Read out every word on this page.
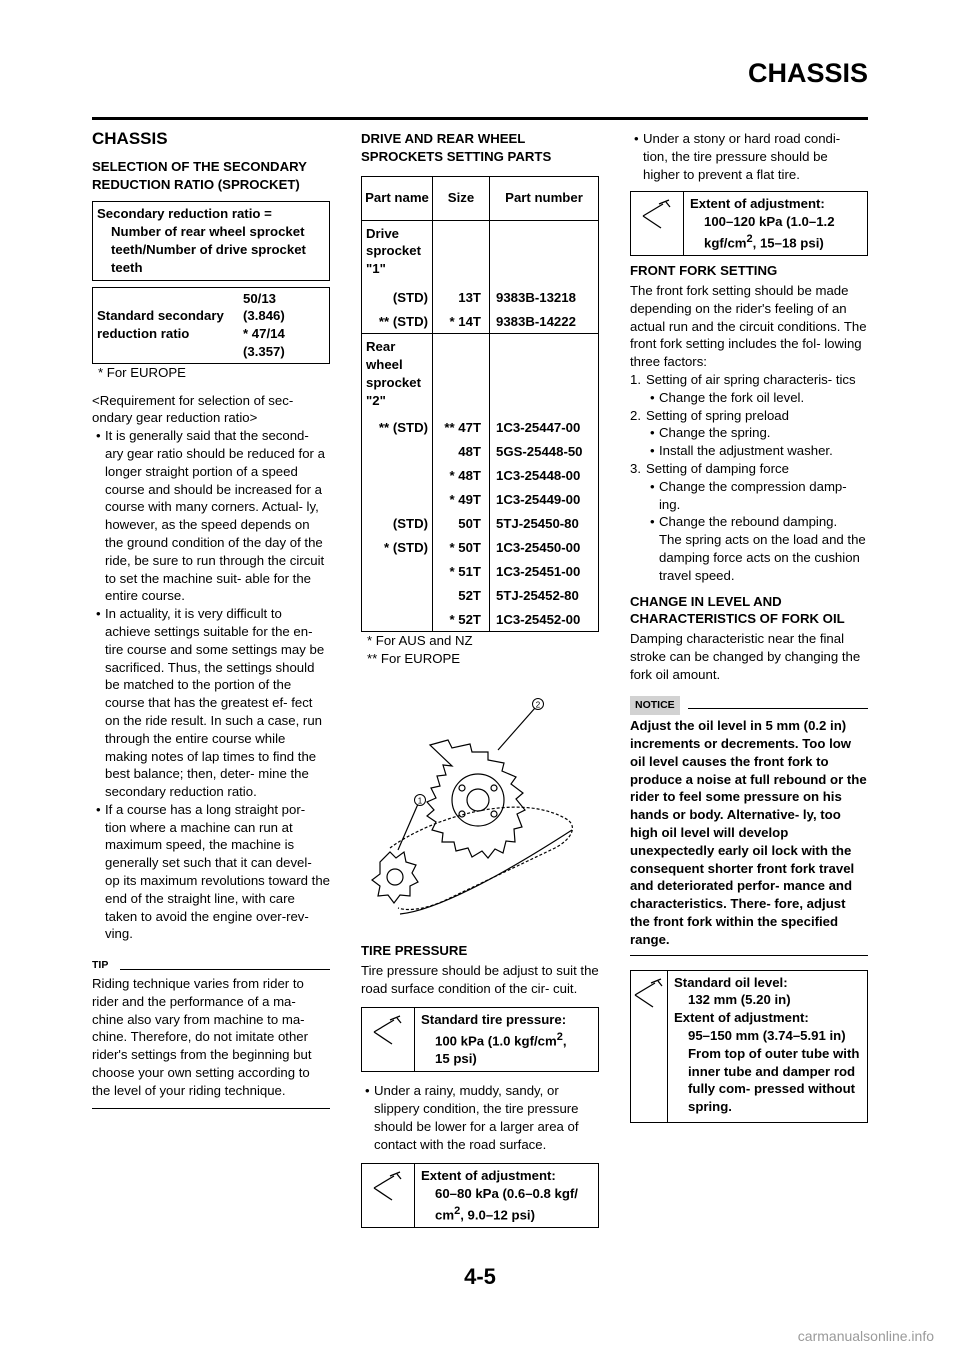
CHASSIS
CHASSIS
SELECTION OF THE SECONDARY
REDUCTION RATIO (SPROCKET)
Secondary reduction ratio =
Number of rear wheel sprocket
teeth/Number of drive sprocket
teeth
Standard secondary
reduction ratio

50/13
(3.846)
* 47/14
(3.357)

* For EUROPE

<Requirement for selection of sec-
ondary gear reduction ratio>

• It is generally said that the second- ary gear ratio should be reduced for a longer straight portion of a speed course and should be increased for a course with many corners. Actual- ly, however, as the speed depends on the ground condition of the day of the ride, be sure to run through the circuit to set the machine suit- able for the entire course.

• In actuality, it is very difficult to achieve settings suitable for the en- tire course and some settings may be sacrificed. Thus, the settings should be matched to the portion of the course that has the greatest ef- fect on the ride result. In such a case, run through the entire course while making notes of lap times to find the best balance; then, deter- mine the secondary reduction ratio.

• If a course has a long straight por- tion where a machine can run at maximum speed, the machine is generally set such that it can devel- op its maximum revolutions toward the end of the straight line, with care taken to avoid the engine over-rev- ving.

TIP

Riding technique varies from rider to rider and the performance of a ma- chine also vary from machine to ma- chine. Therefore, do not imitate other rider's settings from the beginning but choose your own setting according to the level of your riding technique.

DRIVE AND REAR WHEEL
SPROCKETS SETTING PARTS
Part name	Size	Part number
Drive sprocket "1"		
(STD)	13T	9383B-13218
** (STD)	* 14T	9383B-14222
Rear wheel sprocket "2"		
** (STD)	** 47T	1C3-25447-00
	48T	5GS-25448-50
	* 48T	1C3-25448-00
	* 49T	1C3-25449-00
(STD)	50T	5TJ-25450-80
* (STD)	* 50T	1C3-25450-00
	* 51T	1C3-25451-00
	52T	5TJ-25452-80
	* 52T	1C3-25452-00

* For AUS and NZ

** For EUROPE

2
1
TIRE PRESSURE

Tire pressure should be adjust to suit the road surface condition of the cir- cuit.

Standard tire pressure:
100 kPa (1.0 kgf/$cm^2$,
15 psi)

• Under a rainy, muddy, sandy, or slippery condition, the tire pressure should be lower for a larger area of contact with the road surface.

Extent of adjustment:
60–80 kPa (0.6–0.8 kgf/
$cm^2$, 9.0–12 psi)

• Under a stony or hard road condi- tion, the tire pressure should be higher to prevent a flat tire.

Extent of adjustment:
100–120 kPa (1.0–1.2
kgf/$cm^2$, 15–18 psi)
FRONT FORK SETTING

The front fork setting should be made depending on the rider's feeling of an actual run and the circuit conditions. The front fork setting includes the fol- lowing three factors:

1. Setting of air spring characteris- tics

• Change the fork oil level.

2. Setting of spring preload

• Change the spring.

• Install the adjustment washer.

3. Setting of damping force

• Change the compression damp- ing.

• Change the rebound damping.

The spring acts on the load and the damping force acts on the cushion travel speed.

CHANGE IN LEVEL AND
CHARACTERISTICS OF FORK OIL

Damping characteristic near the final stroke can be changed by changing the fork oil amount.

NOTICE

Adjust the oil level in 5 mm (0.2 in) increments or decrements. Too low oil level causes the front fork to produce a noise at full rebound or the rider to feel some pressure on his hands or body. Alternative- ly, too high oil level will develop unexpectedly early oil lock with the consequent shorter front fork travel and deteriorated perfor- mance and characteristics. There- fore, adjust the front fork within the specified range.

Standard oil level:
132 mm (5.20 in)
Extent of adjustment:
95–150 mm (3.74–5.91 in)
From top of outer tube with inner tube and damper rod fully com- pressed without spring.
4-5
carmanualsonline.info
